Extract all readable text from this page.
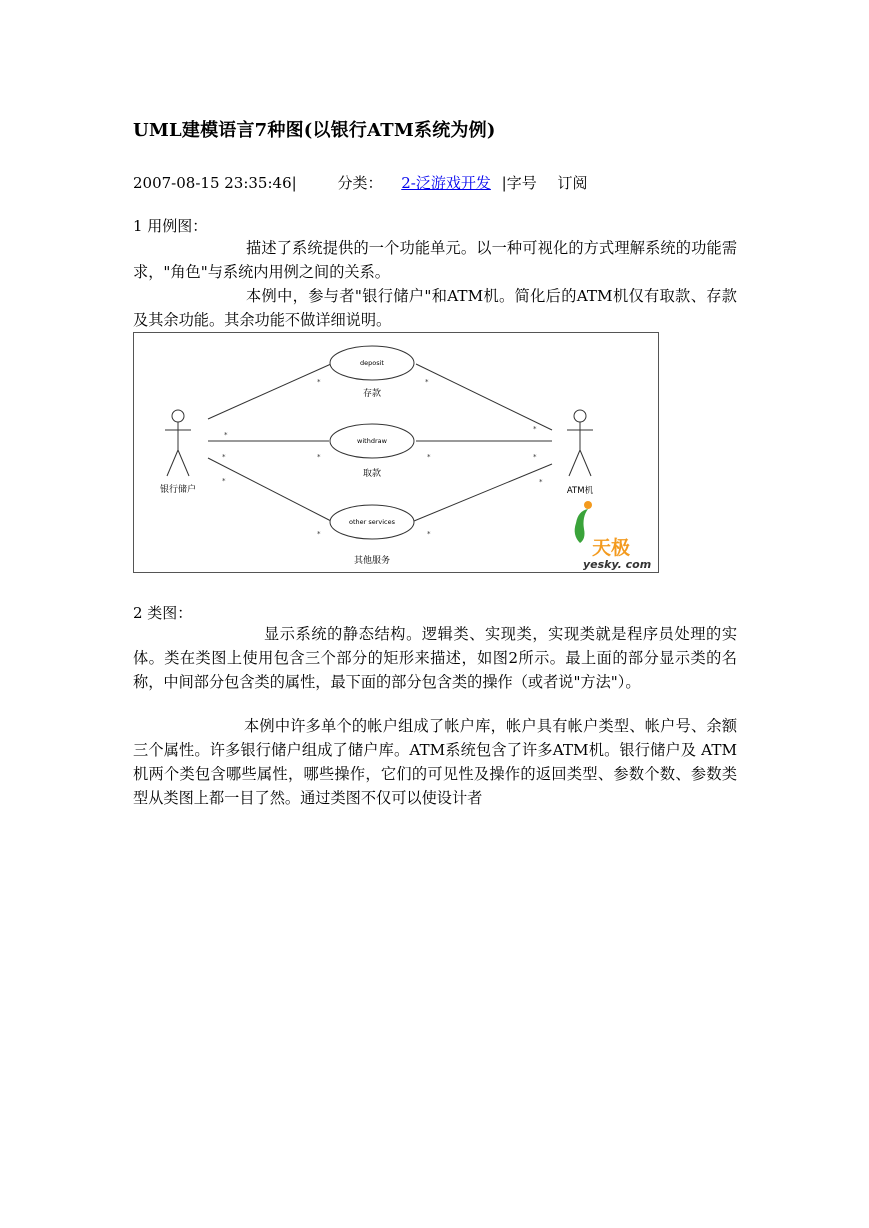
UML建模语言7种图(以银行ATM系统为例)
2007-08-15 23:35:46|	分类： 2-泛游戏开发 |字号 订阅
1 用例图：
描述了系统提供的一个功能单元。以一种可视化的方式理解系统的功能需求，"角色"与系统内用例之间的关系。
本例中，参与者"银行储户"和ATM机。简化后的ATM机仅有取款、存款及其余功能。其余功能不做详细说明。
银行储户	ATM机
deposit
withdraw
other services
存款
取款
其他服务
*	*
*
*
*	*	*	*
*	*
*	*
天极
yesky. com
2 类图：
显示系统的静态结构。逻辑类、实现类，实现类就是程序员处理的实体。类在类图上使用包含三个部分的矩形来描述，如图2所示。最上面的部分显示类的名称，中间部分包含类的属性，最下面的部分包含类的操作（或者说"方法"）。
本例中许多单个的帐户组成了帐户库，帐户具有帐户类型、帐户号、余额三个属性。许多银行储户组成了储户库。ATM系统包含了许多ATM机。银行储户及 ATM机两个类包含哪些属性，哪些操作，它们的可见性及操作的返回类型、参数个数、参数类型从类图上都一目了然。通过类图不仅可以使设计者
